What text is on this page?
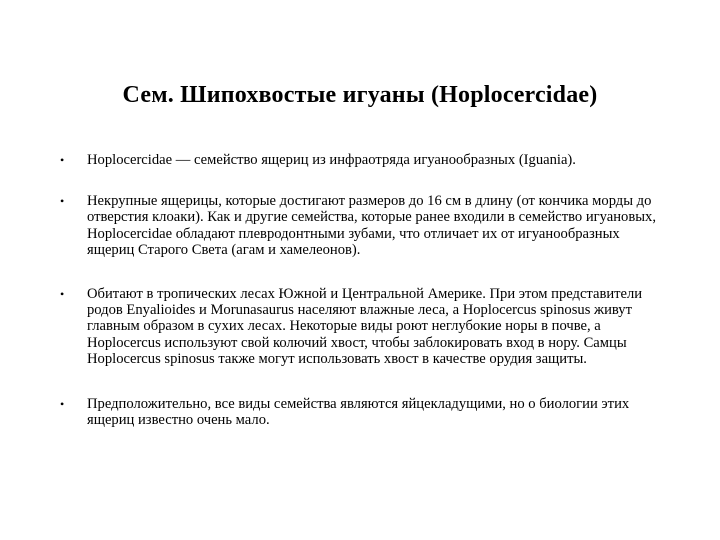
Сем. Шипохвостые игуаны (Hoplocercidae)
•	Hoplocercidae — семейство ящериц из инфраотряда игуанообразных (Iguania).
•	Некрупные ящерицы, которые достигают размеров до 16 см в длину (от кончика морды до отверстия клоаки). Как и другие семейства, которые ранее входили в семейство игуановых, Hoplocercidae обладают плевродонтными зубами, что отличает их от игуанообразных ящериц Старого Света (агам и хамелеонов).
•	Обитают в тропических лесах Южной и Центральной Америке. При этом представители родов Enyalioides и Morunasaurus населяют влажные леса, а Hoplocercus spinosus живут главным образом в сухих лесах. Некоторые виды роют неглубокие норы в почве, а Hoplocercus используют свой колючий хвост, чтобы заблокировать вход в нору. Самцы Hoplocercus spinosus также могут использовать хвост в качестве орудия защиты.
•	Предположительно, все виды семейства являются яйцекладущими, но о биологии этих ящериц известно очень мало.
